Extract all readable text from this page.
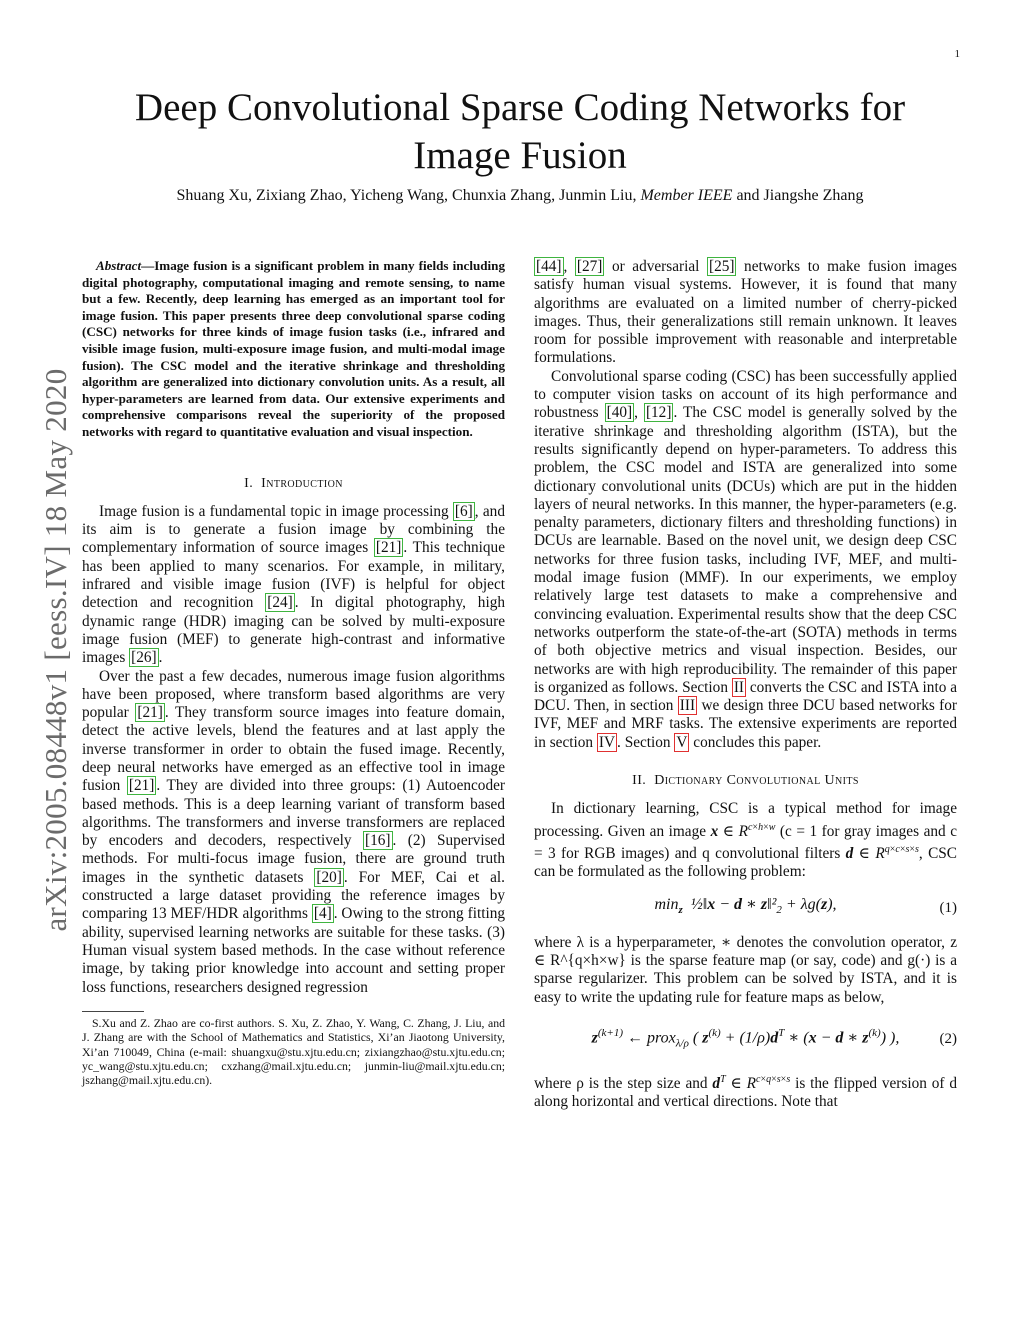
1
arXiv:2005.08448v1 [eess.IV] 18 May 2020
Deep Convolutional Sparse Coding Networks for
Image Fusion

Shuang Xu, Zixiang Zhao, Yicheng Wang, Chunxia Zhang, Junmin Liu, Member IEEE and Jiangshe Zhang

Abstract—Image fusion is a significant problem in many fields including digital photography, computational imaging and remote sensing, to name but a few. Recently, deep learning has emerged as an important tool for image fusion. This paper presents three deep convolutional sparse coding (CSC) networks for three kinds of image fusion tasks (i.e., infrared and visible image fusion, multi-exposure image fusion, and multi-modal image fusion). The CSC model and the iterative shrinkage and thresholding algorithm are generalized into dictionary convolution units. As a result, all hyper-parameters are learned from data. Our extensive experiments and comprehensive comparisons reveal the superiority of the proposed networks with regard to quantitative evaluation and visual inspection.

I. Introduction

Image fusion is a fundamental topic in image processing [6] , and its aim is to generate a fusion image by combining the complementary information of source images [21] . This technique has been applied to many scenarios. For example, in military, infrared and visible image fusion (IVF) is helpful for object detection and recognition [24] . In digital photography, high dynamic range (HDR) imaging can be solved by multi-exposure image fusion (MEF) to generate high-contrast and informative images [26] .

Over the past a few decades, numerous image fusion algorithms have been proposed, where transform based algorithms are very popular [21] . They transform source images into feature domain, detect the active levels, blend the features and at last apply the inverse transformer in order to obtain the fused image. Recently, deep neural networks have emerged as an effective tool in image fusion [21] . They are divided into three groups: (1) Autoencoder based methods. This is a deep learning variant of transform based algorithms. The transformers and inverse transformers are replaced by encoders and decoders, respectively [16] . (2) Supervised methods. For multi-focus image fusion, there are ground truth images in the synthetic datasets [20] . For MEF, Cai et al. constructed a large dataset providing the reference images by comparing 13 MEF/HDR algorithms [4] . Owing to the strong fitting ability, supervised learning networks are suitable for these tasks. (3) Human visual system based methods. In the case without reference image, by taking prior knowledge into account and setting proper loss functions, researchers designed regression

S.Xu and Z. Zhao are co-first authors. S. Xu, Z. Zhao, Y. Wang, C. Zhang, J. Liu, and J. Zhang are with the School of Mathematics and Statistics, Xi’an Jiaotong University, Xi’an 710049, China (e-mail: shuangxu@stu.xjtu.edu.cn; zixiangzhao@stu.xjtu.edu.cn; yc_wang@stu.xjtu.edu.cn; cxzhang@mail.xjtu.edu.cn; junmin-liu@mail.xjtu.edu.cn; jszhang@mail.xjtu.edu.cn).

[44] , [27] or adversarial [25] networks to make fusion images satisfy human visual systems. However, it is found that many algorithms are evaluated on a limited number of cherry-picked images. Thus, their generalizations still remain unknown. It leaves room for possible improvement with reasonable and interpretable formulations.

Convolutional sparse coding (CSC) has been successfully applied to computer vision tasks on account of its high performance and robustness [40] , [12] . The CSC model is generally solved by the iterative shrinkage and thresholding algorithm (ISTA), but the results significantly depend on hyper-parameters. To address this problem, the CSC model and ISTA are generalized into some dictionary convolutional units (DCUs) which are put in the hidden layers of neural networks. In this manner, the hyper-parameters (e.g. penalty parameters, dictionary filters and thresholding functions) in DCUs are learnable. Based on the novel unit, we design deep CSC networks for three fusion tasks, including IVF, MEF, and multi-modal image fusion (MMF). In our experiments, we employ relatively large test datasets to make a comprehensive and convincing evaluation. Experimental results show that the deep CSC networks outperform the state-of-the-art (SOTA) methods in terms of both objective metrics and visual inspection. Besides, our networks are with high reproducibility. The remainder of this paper is organized as follows. Section II converts the CSC and ISTA into a DCU. Then, in section III we design three DCU based networks for IVF, MEF and MRF tasks. The extensive experiments are reported in section IV . Section V concludes this paper.

II. Dictionary Convolutional Units

In dictionary learning, CSC is a typical method for image processing. Given an image x ∈ $R^{c\times h\times w}$ (c = 1 for gray images and c = 3 for RGB images) and q convolutional filters d ∈ $R^{q\times c\times s\times s}$, CSC can be formulated as the following problem:

$\min_z$  ½‖x − d ∗ $z‖^2_2 + \lambda g(z)$,	(1)

where λ is a hyperparameter, ∗ denotes the convolution operator, z ∈ R^{q×h×w} is the sparse feature map (or say, code) and g(·) is a sparse regularizer. This problem can be solved by ISTA, and it is easy to write the updating rule for feature maps as below,

$z^{(k+1)}$ ← prox$_{\lambda/\rho}$ ( $z^{(k)} + (1/\rho)d^T$ ∗ (x − d ∗ $z^{(k)}$) ),	(2)

where ρ is the step size and $d^T$ ∈ $R^{c\times q\times s\times s}$ is the flipped version of d along horizontal and vertical directions. Note that
